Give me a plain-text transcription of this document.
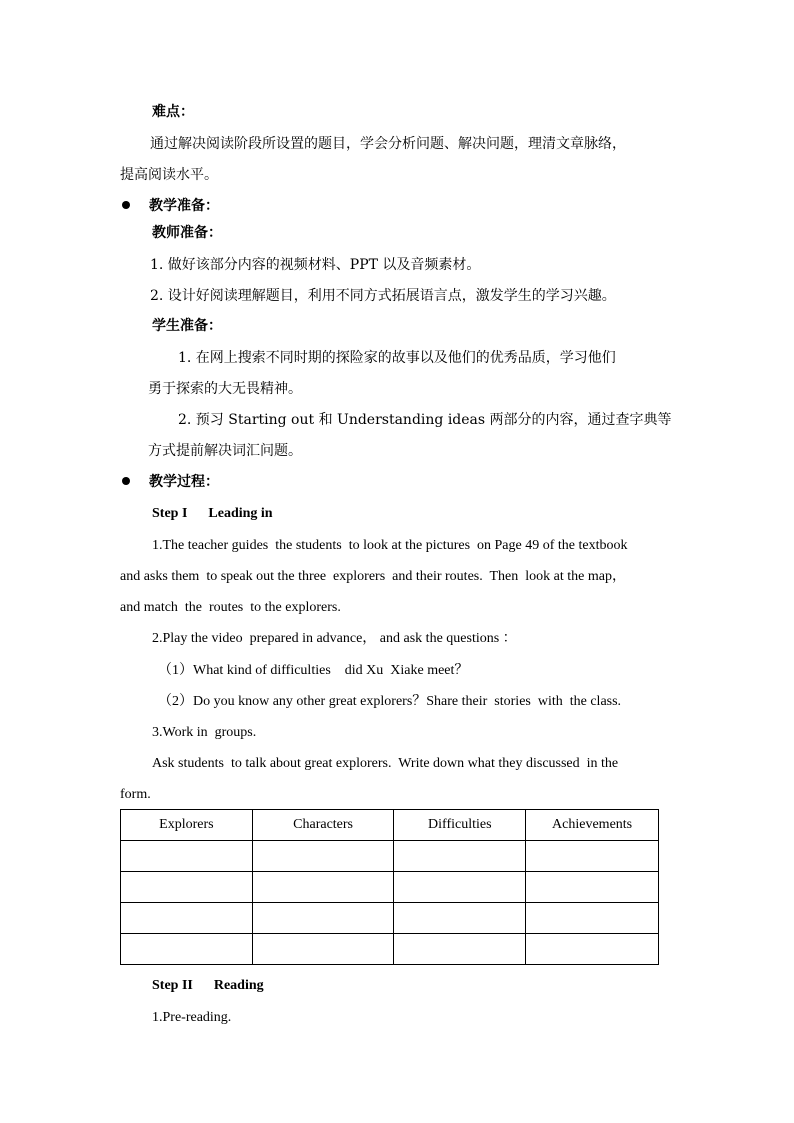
难点：
通过解决阅读阶段所设置的题目，学会分析问题、解决问题，理清文章脉络，
提高阅读水平。
教学准备：
教师准备：
1. 做好该部分内容的视频材料、PPT 以及音频素材。
2. 设计好阅读理解题目，利用不同方式拓展语言点，激发学生的学习兴趣。
学生准备：
1. 在网上搜索不同时期的探险家的故事以及他们的优秀品质，学习他们
勇于探索的大无畏精神。
2. 预习 Starting out 和 Understanding ideas 两部分的内容，通过查字典等
方式提前解决词汇问题。
教学过程：
Step I      Leading in
1.The teacher guides  the students  to look at the pictures  on Page 49 of the textbook
and asks them  to speak out the three  explorers  and their routes.  Then  look at the map，
and match  the  routes  to the explorers.
2.Play the video  prepared in advance， and ask the questions ：
（1）What kind of difficulties    did Xu  Xiake meet？
（2）Do you know any other great explorers？Share their  stories  with  the class.
3.Work in  groups.
Ask students  to talk about great explorers.  Write down what they discussed  in the
form.
Explorers	Characters	Difficulties	Achievements

Step II      Reading
1.Pre-reading.
